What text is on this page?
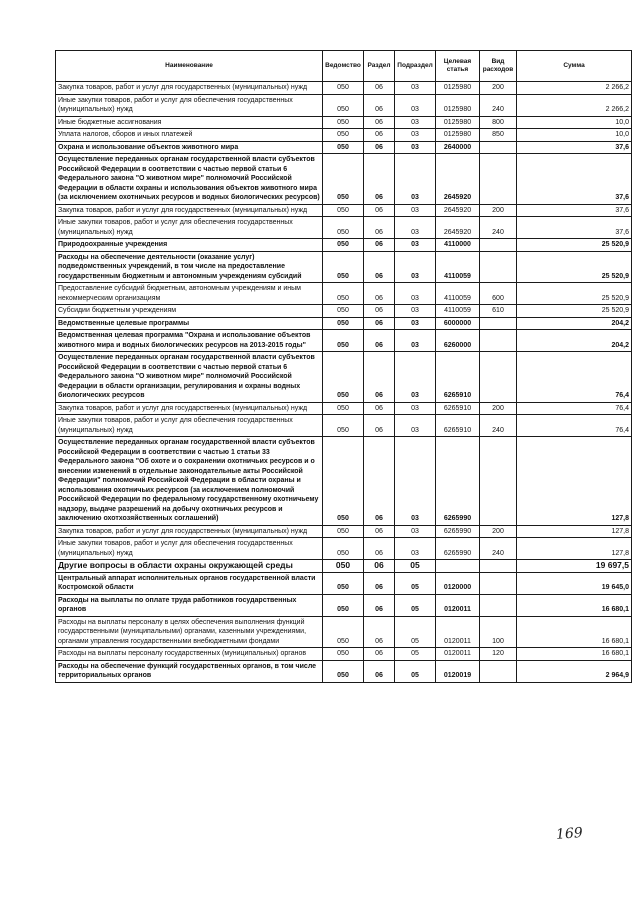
Наименование	Ведомство	Раздел	Подраздел	Целевая статья	Вид расходов	Сумма
Закупка товаров, работ и услуг для государственных (муниципальных) нужд	050	06	03	0125980	200	2 266,2
Иные закупки товаров, работ и услуг для обеспечения государственных (муниципальных) нужд	050	06	03	0125980	240	2 266,2
Иные бюджетные ассигнования	050	06	03	0125980	800	10,0
Уплата налогов, сборов и иных платежей	050	06	03	0125980	850	10,0
Охрана и использование объектов животного мира	050	06	03	2640000		37,6
Осуществление переданных органам государственной власти субъектов Российской Федерации в соответствии с частью первой статьи 6 Федерального закона "О животном мире" полномочий Российской Федерации в области охраны и использования объектов животного мира (за исключением охотничьих ресурсов и водных биологических ресурсов)	050	06	03	2645920		37,6
Закупка товаров, работ и услуг для государственных (муниципальных) нужд	050	06	03	2645920	200	37,6
Иные закупки товаров, работ и услуг для обеспечения государственных (муниципальных) нужд	050	06	03	2645920	240	37,6
Природоохранные учреждения	050	06	03	4110000		25 520,9
Расходы на обеспечение деятельности (оказание услуг) подведомственных учреждений, в том числе на предоставление государственным бюджетным и автономным учреждениям субсидий	050	06	03	4110059		25 520,9
Предоставление субсидий бюджетным, автономным учреждениям и иным некоммерческим организациям	050	06	03	4110059	600	25 520,9
Субсидии бюджетным учреждениям	050	06	03	4110059	610	25 520,9
Ведомственные целевые программы	050	06	03	6000000		204,2
Ведомственная целевая программа "Охрана и использование объектов животного мира и водных биологических ресурсов на 2013-2015 годы"	050	06	03	6260000		204,2
Осуществление переданных органам государственной власти субъектов Российской Федерации в соответствии с частью первой статьи 6 Федерального закона "О животном мире" полномочий Российской Федерации в области организации, регулирования и охраны водных биологических ресурсов	050	06	03	6265910		76,4
Закупка товаров, работ и услуг для государственных (муниципальных) нужд	050	06	03	6265910	200	76,4
Иные закупки товаров, работ и услуг для обеспечения государственных (муниципальных) нужд	050	06	03	6265910	240	76,4
Осуществление переданных органам государственной власти субъектов Российской Федерации в соответствии с частью 1 статьи 33 Федерального закона "Об охоте и о сохранении охотничьих ресурсов и о внесении изменений в отдельные законодательные акты Российской Федерации" полномочий Российской Федерации в области охраны и использования охотничьих ресурсов (за исключением полномочий Российской Федерации по федеральному государственному охотничьему надзору, выдаче разрешений на добычу охотничьих ресурсов и заключению охотхозяйственных соглашений)	050	06	03	6265990		127,8
Закупка товаров, работ и услуг для государственных (муниципальных) нужд	050	06	03	6265990	200	127,8
Иные закупки товаров, работ и услуг для обеспечения государственных (муниципальных) нужд	050	06	03	6265990	240	127,8
Другие вопросы в области охраны окружающей среды	050	06	05			19 697,5
Центральный аппарат исполнительных органов государственной власти Костромской области	050	06	05	0120000		19 645,0
Расходы на выплаты по оплате труда работников государственных органов	050	06	05	0120011		16 680,1
Расходы на выплаты персоналу в целях обеспечения выполнения функций государственными (муниципальными) органами, казенными учреждениями, органами управления государственными внебюджетными фондами	050	06	05	0120011	100	16 680,1
Расходы на выплаты персоналу государственных (муниципальных) органов	050	06	05	0120011	120	16 680,1
Расходы на обеспечение функций государственных органов, в том числе территориальных органов	050	06	05	0120019		2 964,9
169
